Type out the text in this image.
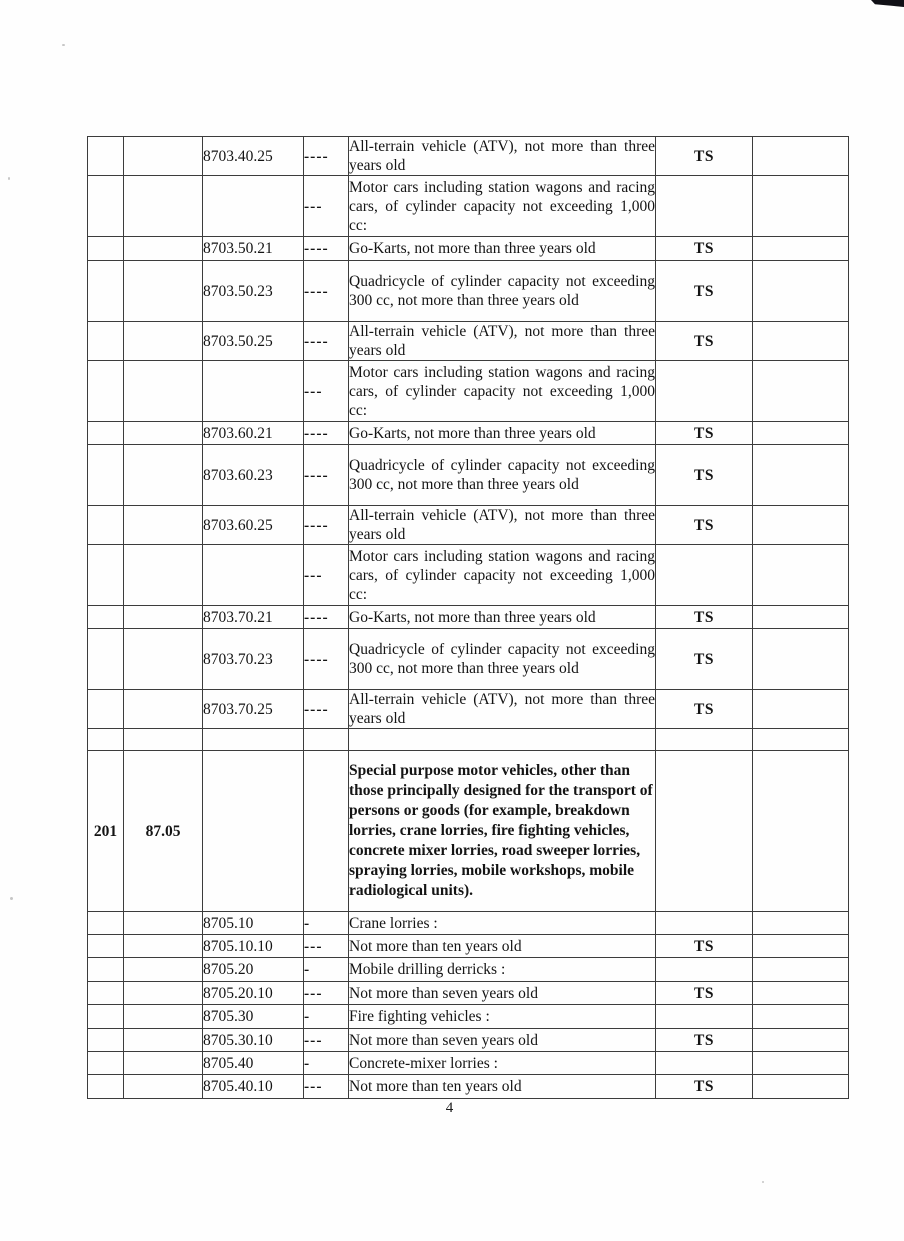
		8703.40.25	----	All-terrain vehicle (ATV), not more than three years old	TS	
			---	Motor cars including station wagons and racing cars, of cylinder capacity not exceeding 1,000 cc:		
		8703.50.21	----	Go-Karts, not more than three years old	TS	
		8703.50.23	----	Quadricycle of cylinder capacity not exceeding 300 cc, not more than three years old	TS	
		8703.50.25	----	All-terrain vehicle (ATV), not more than three years old	TS	
			---	Motor cars including station wagons and racing cars, of cylinder capacity not exceeding 1,000 cc:		
		8703.60.21	----	Go-Karts, not more than three years old	TS	
		8703.60.23	----	Quadricycle of cylinder capacity not exceeding 300 cc, not more than three years old	TS	
		8703.60.25	----	All-terrain vehicle (ATV), not more than three years old	TS	
			---	Motor cars including station wagons and racing cars, of cylinder capacity not exceeding 1,000 cc:		
		8703.70.21	----	Go-Karts, not more than three years old	TS	
		8703.70.23	----	Quadricycle of cylinder capacity not exceeding 300 cc, not more than three years old	TS	
		8703.70.25	----	All-terrain vehicle (ATV), not more than three years old	TS	

201	87.05			Special purpose motor vehicles, other than those principally designed for the transport of persons or goods (for example, breakdown lorries, crane lorries, fire fighting vehicles, concrete mixer lorries, road sweeper lorries, spraying lorries, mobile workshops, mobile radiological units).		
		8705.10	-	Crane lorries :		
		8705.10.10	---	Not more than ten years old	TS	
		8705.20	-	Mobile drilling derricks :		
		8705.20.10	---	Not more than seven years old	TS	
		8705.30	-	Fire fighting vehicles :		
		8705.30.10	---	Not more than seven years old	TS	
		8705.40	-	Concrete-mixer lorries :		
		8705.40.10	---	Not more than ten years old	TS	
4
